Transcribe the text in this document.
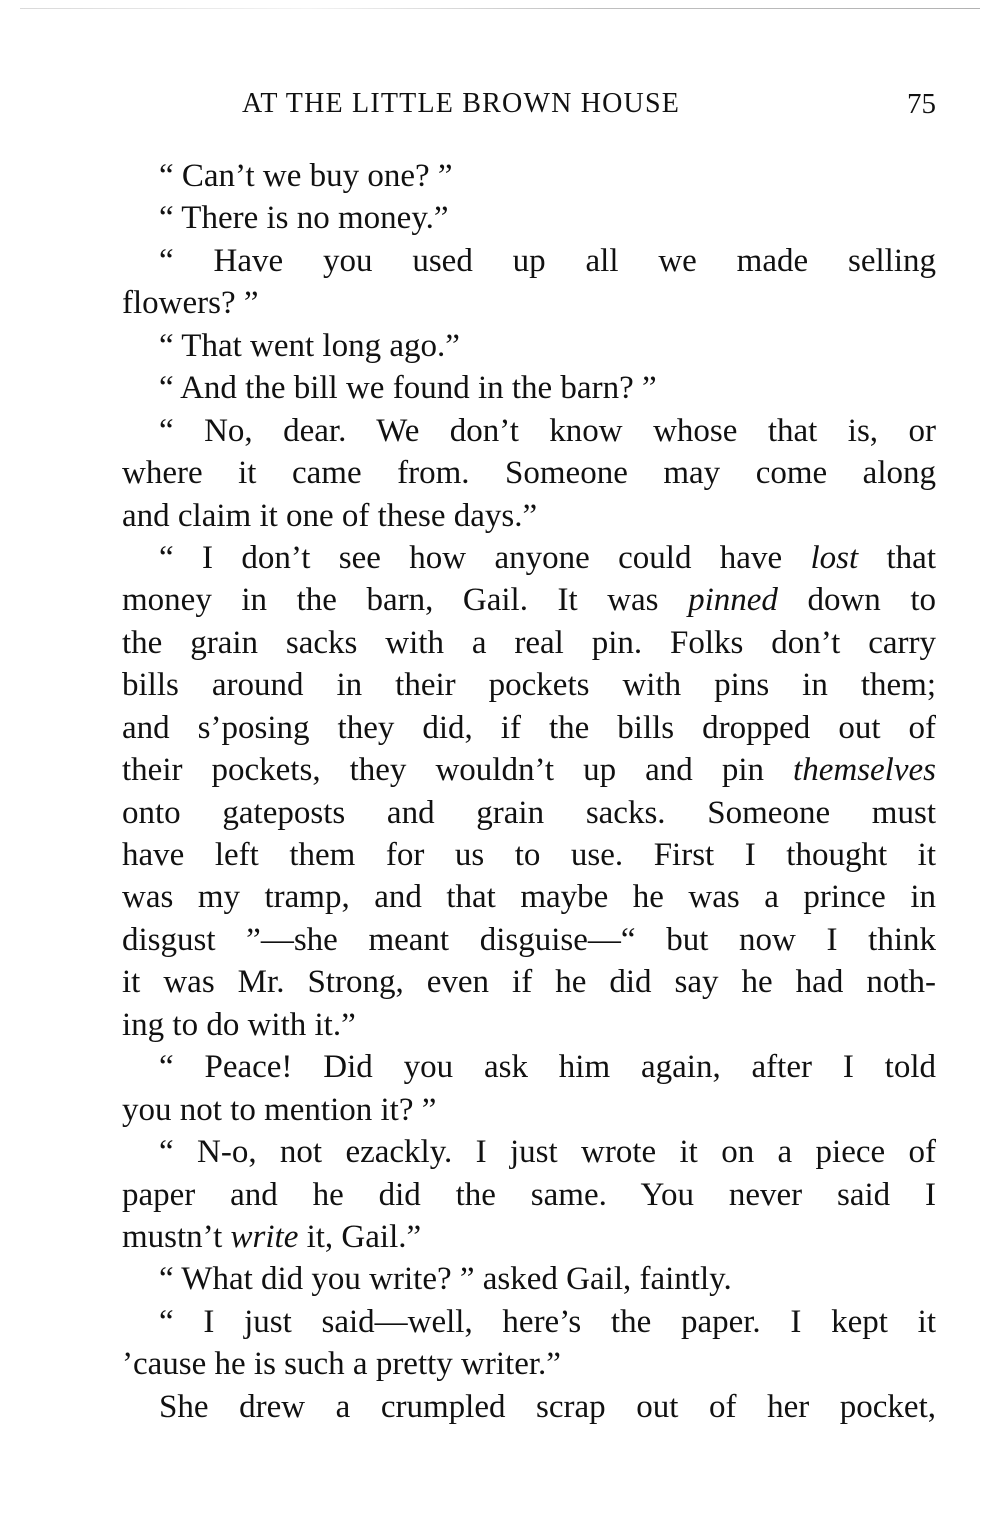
AT THE LITTLE BROWN HOUSE	75
“ Can’t we buy one? ”
“ There is no money.”
“ Have you used up all we made selling
flowers? ”
“ That went long ago.”
“ And the bill we found in the barn? ”
“ No, dear. We don’t know whose that is, or
where it came from. Someone may come along
and claim it one of these days.”
“ I don’t see how anyone could have lost that
money in the barn, Gail. It was pinned down to
the grain sacks with a real pin. Folks don’t carry
bills around in their pockets with pins in them;
and s’posing they did, if the bills dropped out of
their pockets, they wouldn’t up and pin themselves
onto gateposts and grain sacks. Someone must
have left them for us to use. First I thought it
was my tramp, and that maybe he was a prince in
disgust ”—she meant disguise—“ but now I think
it was Mr. Strong, even if he did say he had noth-
ing to do with it.”
“ Peace! Did you ask him again, after I told
you not to mention it? ”
“ N-o, not ezackly. I just wrote it on a piece of
paper and he did the same. You never said I
mustn’t write it, Gail.”
“ What did you write? ” asked Gail, faintly.
“ I just said—well, here’s the paper. I kept it
’cause he is such a pretty writer.”
She drew a crumpled scrap out of her pocket,
